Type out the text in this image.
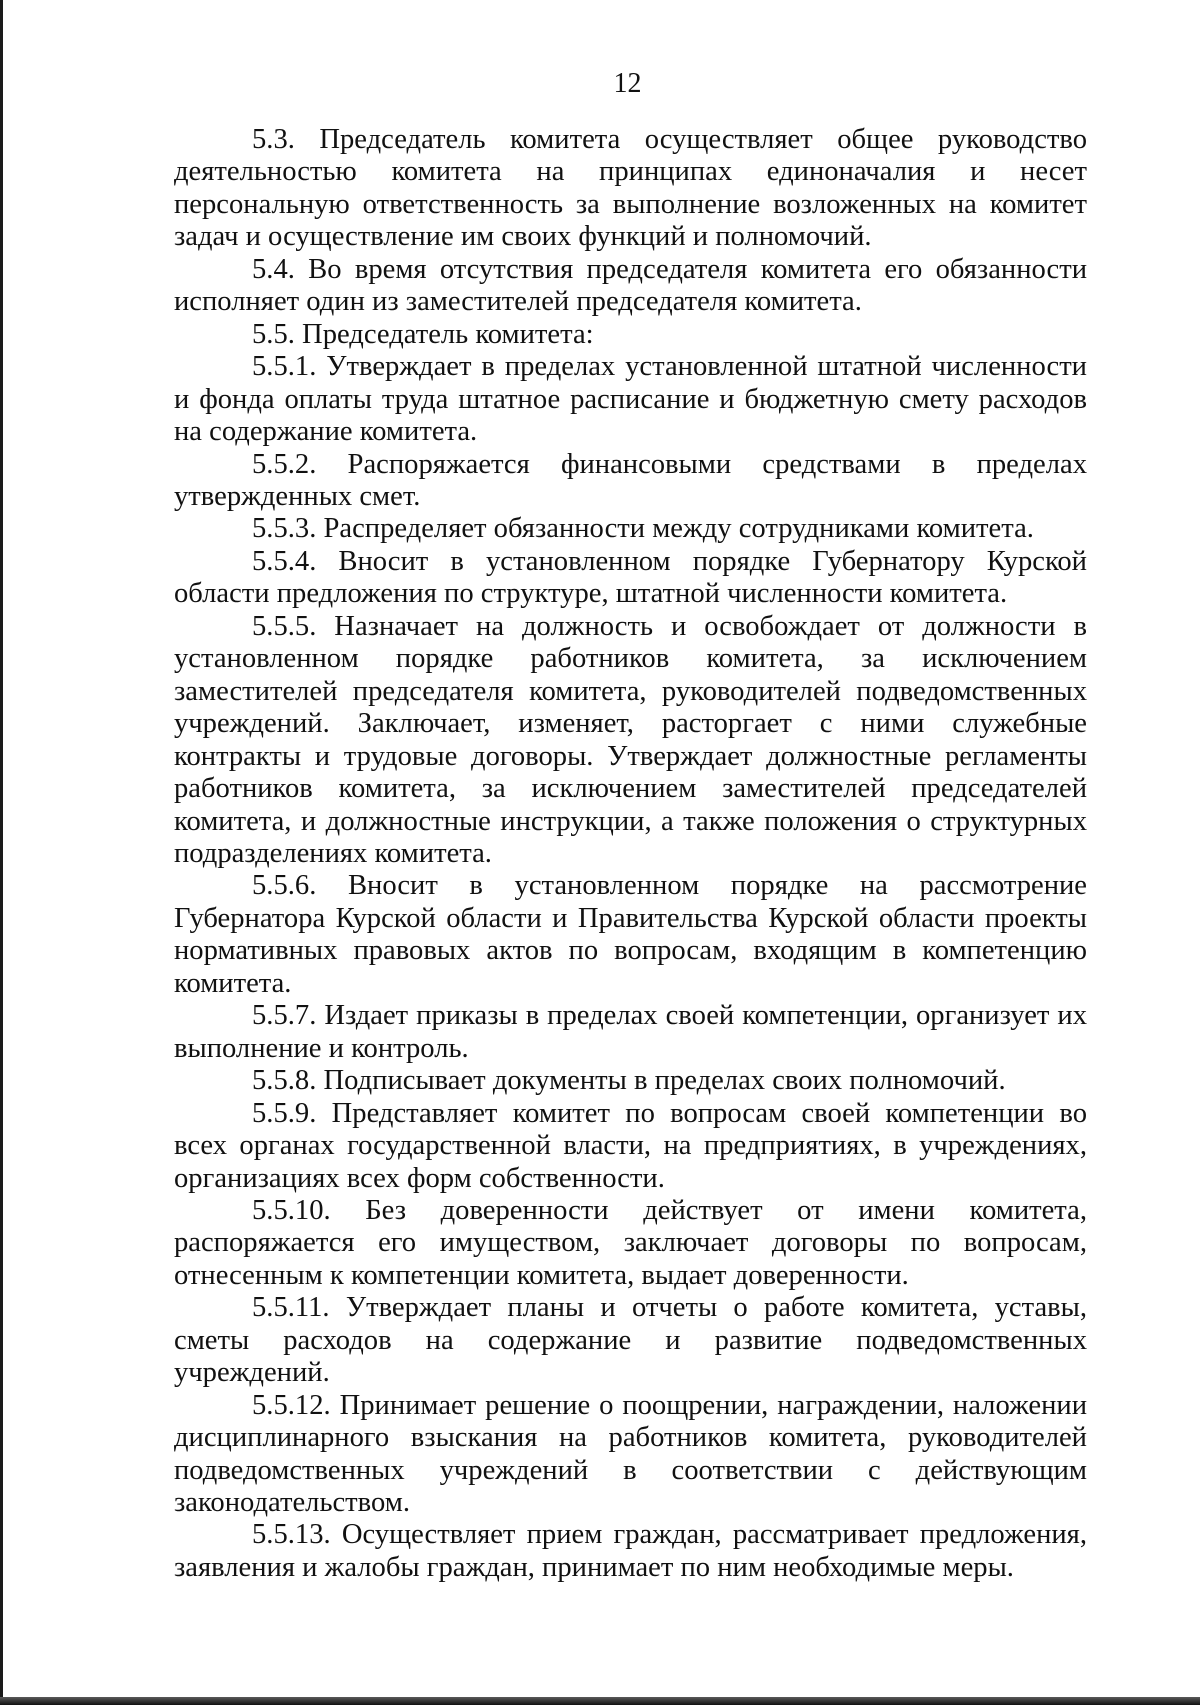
12

5.3. Председатель комитета осуществляет общее руководство деятельностью комитета на принципах единоначалия и несет персональную ответственность за выполнение возложенных на комитет задач и осуществление им своих функций и полномочий.

5.4. Во время отсутствия председателя комитета его обязанности исполняет один из заместителей председателя комитета.

5.5. Председатель комитета:

5.5.1. Утверждает в пределах установленной штатной численности и фонда оплаты труда штатное расписание и бюджетную смету расходов на содержание комитета.

5.5.2. Распоряжается финансовыми средствами в пределах утвержденных смет.

5.5.3. Распределяет обязанности между сотрудниками комитета.

5.5.4. Вносит в установленном порядке Губернатору Курской области предложения по структуре, штатной численности комитета.

5.5.5. Назначает на должность и освобождает от должности в установленном порядке работников комитета, за исключением заместителей председателя комитета, руководителей подведомственных учреждений. Заключает, изменяет, расторгает с ними служебные контракты и трудовые договоры. Утверждает должностные регламенты работников комитета, за исключением заместителей председателей комитета, и должностные инструкции, а также положения о структурных подразделениях комитета.

5.5.6. Вносит в установленном порядке на рассмотрение Губернатора Курской области и Правительства Курской области проекты нормативных правовых актов по вопросам, входящим в компетенцию комитета.

5.5.7. Издает приказы в пределах своей компетенции, организует их выполнение и контроль.

5.5.8. Подписывает документы в пределах своих полномочий.

5.5.9. Представляет комитет по вопросам своей компетенции во всех органах государственной власти, на предприятиях, в учреждениях, организациях всех форм собственности.

5.5.10. Без доверенности действует от имени комитета, распоряжается его имуществом, заключает договоры по вопросам, отнесенным к компетенции комитета, выдает доверенности.

5.5.11. Утверждает планы и отчеты о работе комитета, уставы, сметы расходов на содержание и развитие подведомственных учреждений.

5.5.12. Принимает решение о поощрении, награждении, наложении дисциплинарного взыскания на работников комитета, руководителей подведомственных учреждений в соответствии с действующим законодательством.

5.5.13. Осуществляет прием граждан, рассматривает предложения, заявления и жалобы граждан, принимает по ним необходимые меры.
